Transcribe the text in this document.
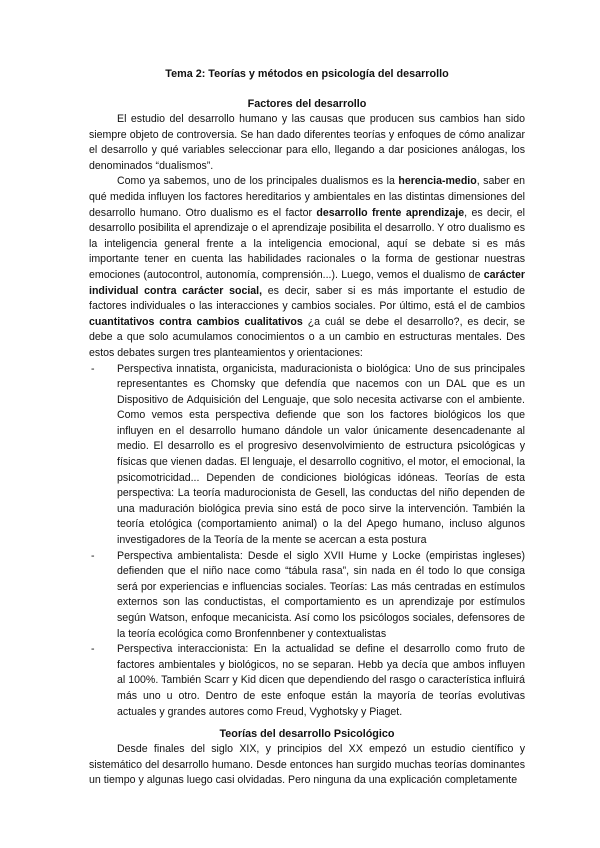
Tema 2: Teorías y métodos en psicología del desarrollo
Factores del desarrollo

El estudio del desarrollo humano y las causas que producen sus cambios han sido siempre objeto de controversia. Se han dado diferentes teorías y enfoques de cómo analizar el desarrollo y qué variables seleccionar para ello, llegando a dar posiciones análogas, los denominados “dualismos”.

Como ya sabemos, uno de los principales dualismos es la herencia-medio, saber en qué medida influyen los factores hereditarios y ambientales en las distintas dimensiones del desarrollo humano. Otro dualismo es el factor desarrollo frente aprendizaje, es decir, el desarrollo posibilita el aprendizaje o el aprendizaje posibilita el desarrollo. Y otro dualismo es la inteligencia general frente a la inteligencia emocional, aquí se debate si es más importante tener en cuenta las habilidades racionales o la forma de gestionar nuestras emociones (autocontrol, autonomía, comprensión...). Luego, vemos el dualismo de carácter individual contra carácter social, es decir, saber si es más importante el estudio de factores individuales o las interacciones y cambios sociales. Por último, está el de cambios cuantitativos contra cambios cualitativos ¿a cuál se debe el desarrollo?, es decir, se debe a que solo acumulamos conocimientos o a un cambio en estructuras mentales. Des estos debates surgen tres planteamientos y orientaciones:

- Perspectiva innatista, organicista, maduracionista o biológica: Uno de sus principales representantes es Chomsky que defendía que nacemos con un DAL que es un Dispositivo de Adquisición del Lenguaje, que solo necesita activarse con el ambiente. Como vemos esta perspectiva defiende que son los factores biológicos los que influyen en el desarrollo humano dándole un valor únicamente desencadenante al medio. El desarrollo es el progresivo desenvolvimiento de estructura psicológicas y físicas que vienen dadas. El lenguaje, el desarrollo cognitivo, el motor, el emocional, la psicomotricidad... Dependen de condiciones biológicas idóneas. Teorías de esta perspectiva: La teoría madurocionista de Gesell, las conductas del niño dependen de una maduración biológica previa sino está de poco sirve la intervención. También la teoría etológica (comportamiento animal) o la del Apego humano, incluso algunos investigadores de la Teoría de la mente se acercan a esta postura
- Perspectiva ambientalista: Desde el siglo XVII Hume y Locke (empiristas ingleses) defienden que el niño nace como “tábula rasa”, sin nada en él todo lo que consiga será por experiencias e influencias sociales. Teorías: Las más centradas en estímulos externos son las conductistas, el comportamiento es un aprendizaje por estímulos según Watson, enfoque mecanicista. Así como los psicólogos sociales, defensores de la teoría ecológica como Bronfennbener y contextualistas
- Perspectiva interaccionista: En la actualidad se define el desarrollo como fruto de factores ambientales y biológicos, no se separan. Hebb ya decía que ambos influyen al 100%. También Scarr y Kid dicen que dependiendo del rasgo o característica influirá más uno u otro. Dentro de este enfoque están la mayoría de teorías evolutivas actuales y grandes autores como Freud, Vyghotsky y Piaget.
Teorías del desarrollo Psicológico

Desde finales del siglo XIX, y principios del XX empezó un estudio científico y sistemático del desarrollo humano. Desde entonces han surgido muchas teorías dominantes un tiempo y algunas luego casi olvidadas. Pero ninguna da una explicación completamente
